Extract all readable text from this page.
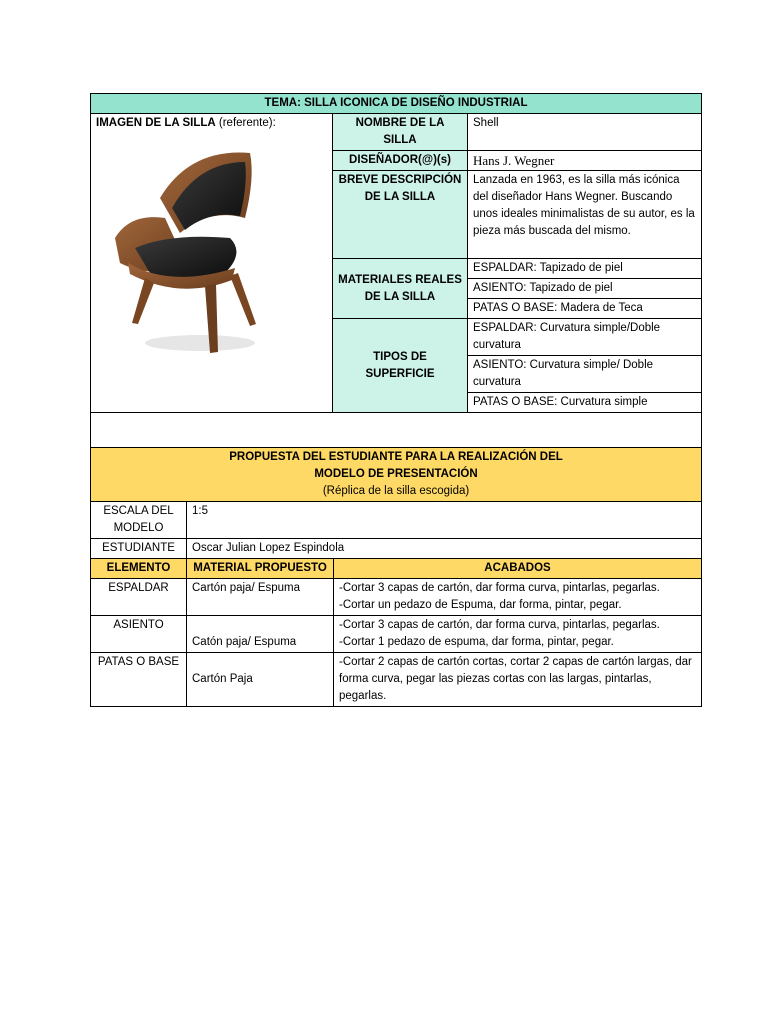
TEMA: SILLA ICONICA DE DISEÑO INDUSTRIAL		
IMAGEN DE LA SILLA (referente):	NOMBRE DE LA SILLA	Shell
	DISEÑADOR(@)(s)	Hans J. Wegner
	BREVE DESCRIPCIÓN DE LA SILLA	Lanzada en 1963, es la silla más icónica del diseñador Hans Wegner. Buscando unos ideales minimalistas de su autor, es la pieza más buscada del mismo.
	MATERIALES REALES DE LA SILLA	ESPALDAR: Tapizado de piel
		ASIENTO: Tapizado de piel
		PATAS O BASE: Madera de Teca
	TIPOS DE SUPERFICIE	ESPALDAR: Curvatura simple/Doble curvatura
		ASIENTO: Curvatura simple/ Doble curvatura
		PATAS O BASE: Curvatura simple

PROPUESTA DEL ESTUDIANTE PARA LA REALIZACIÓN DEL
MODELO DE PRESENTACIÓN
(Réplica de la silla escogida)		

ESCALA DEL MODELO	1:5	
ESTUDIANTE	Oscar Julian Lopez Espindola	
ELEMENTO	MATERIAL PROPUESTO	ACABADOS
ESPALDAR	Cartón paja/ Espuma	-Cortar 3 capas de cartón, dar forma curva, pintarlas, pegarlas.
-Cortar un pedazo de Espuma, dar forma, pintar, pegar.

ASIENTO	Catón paja/ Espuma	-Cortar 3 capas de cartón, dar forma curva, pintarlas, pegarlas.
-Cortar 1 pedazo de espuma, dar forma, pintar, pegar.

PATAS O BASE	Cartón Paja	-Cortar 2 capas de cartón cortas, cortar 2 capas de cartón largas, dar forma curva, pegar las piezas cortas con las largas, pintarlas, pegarlas.
